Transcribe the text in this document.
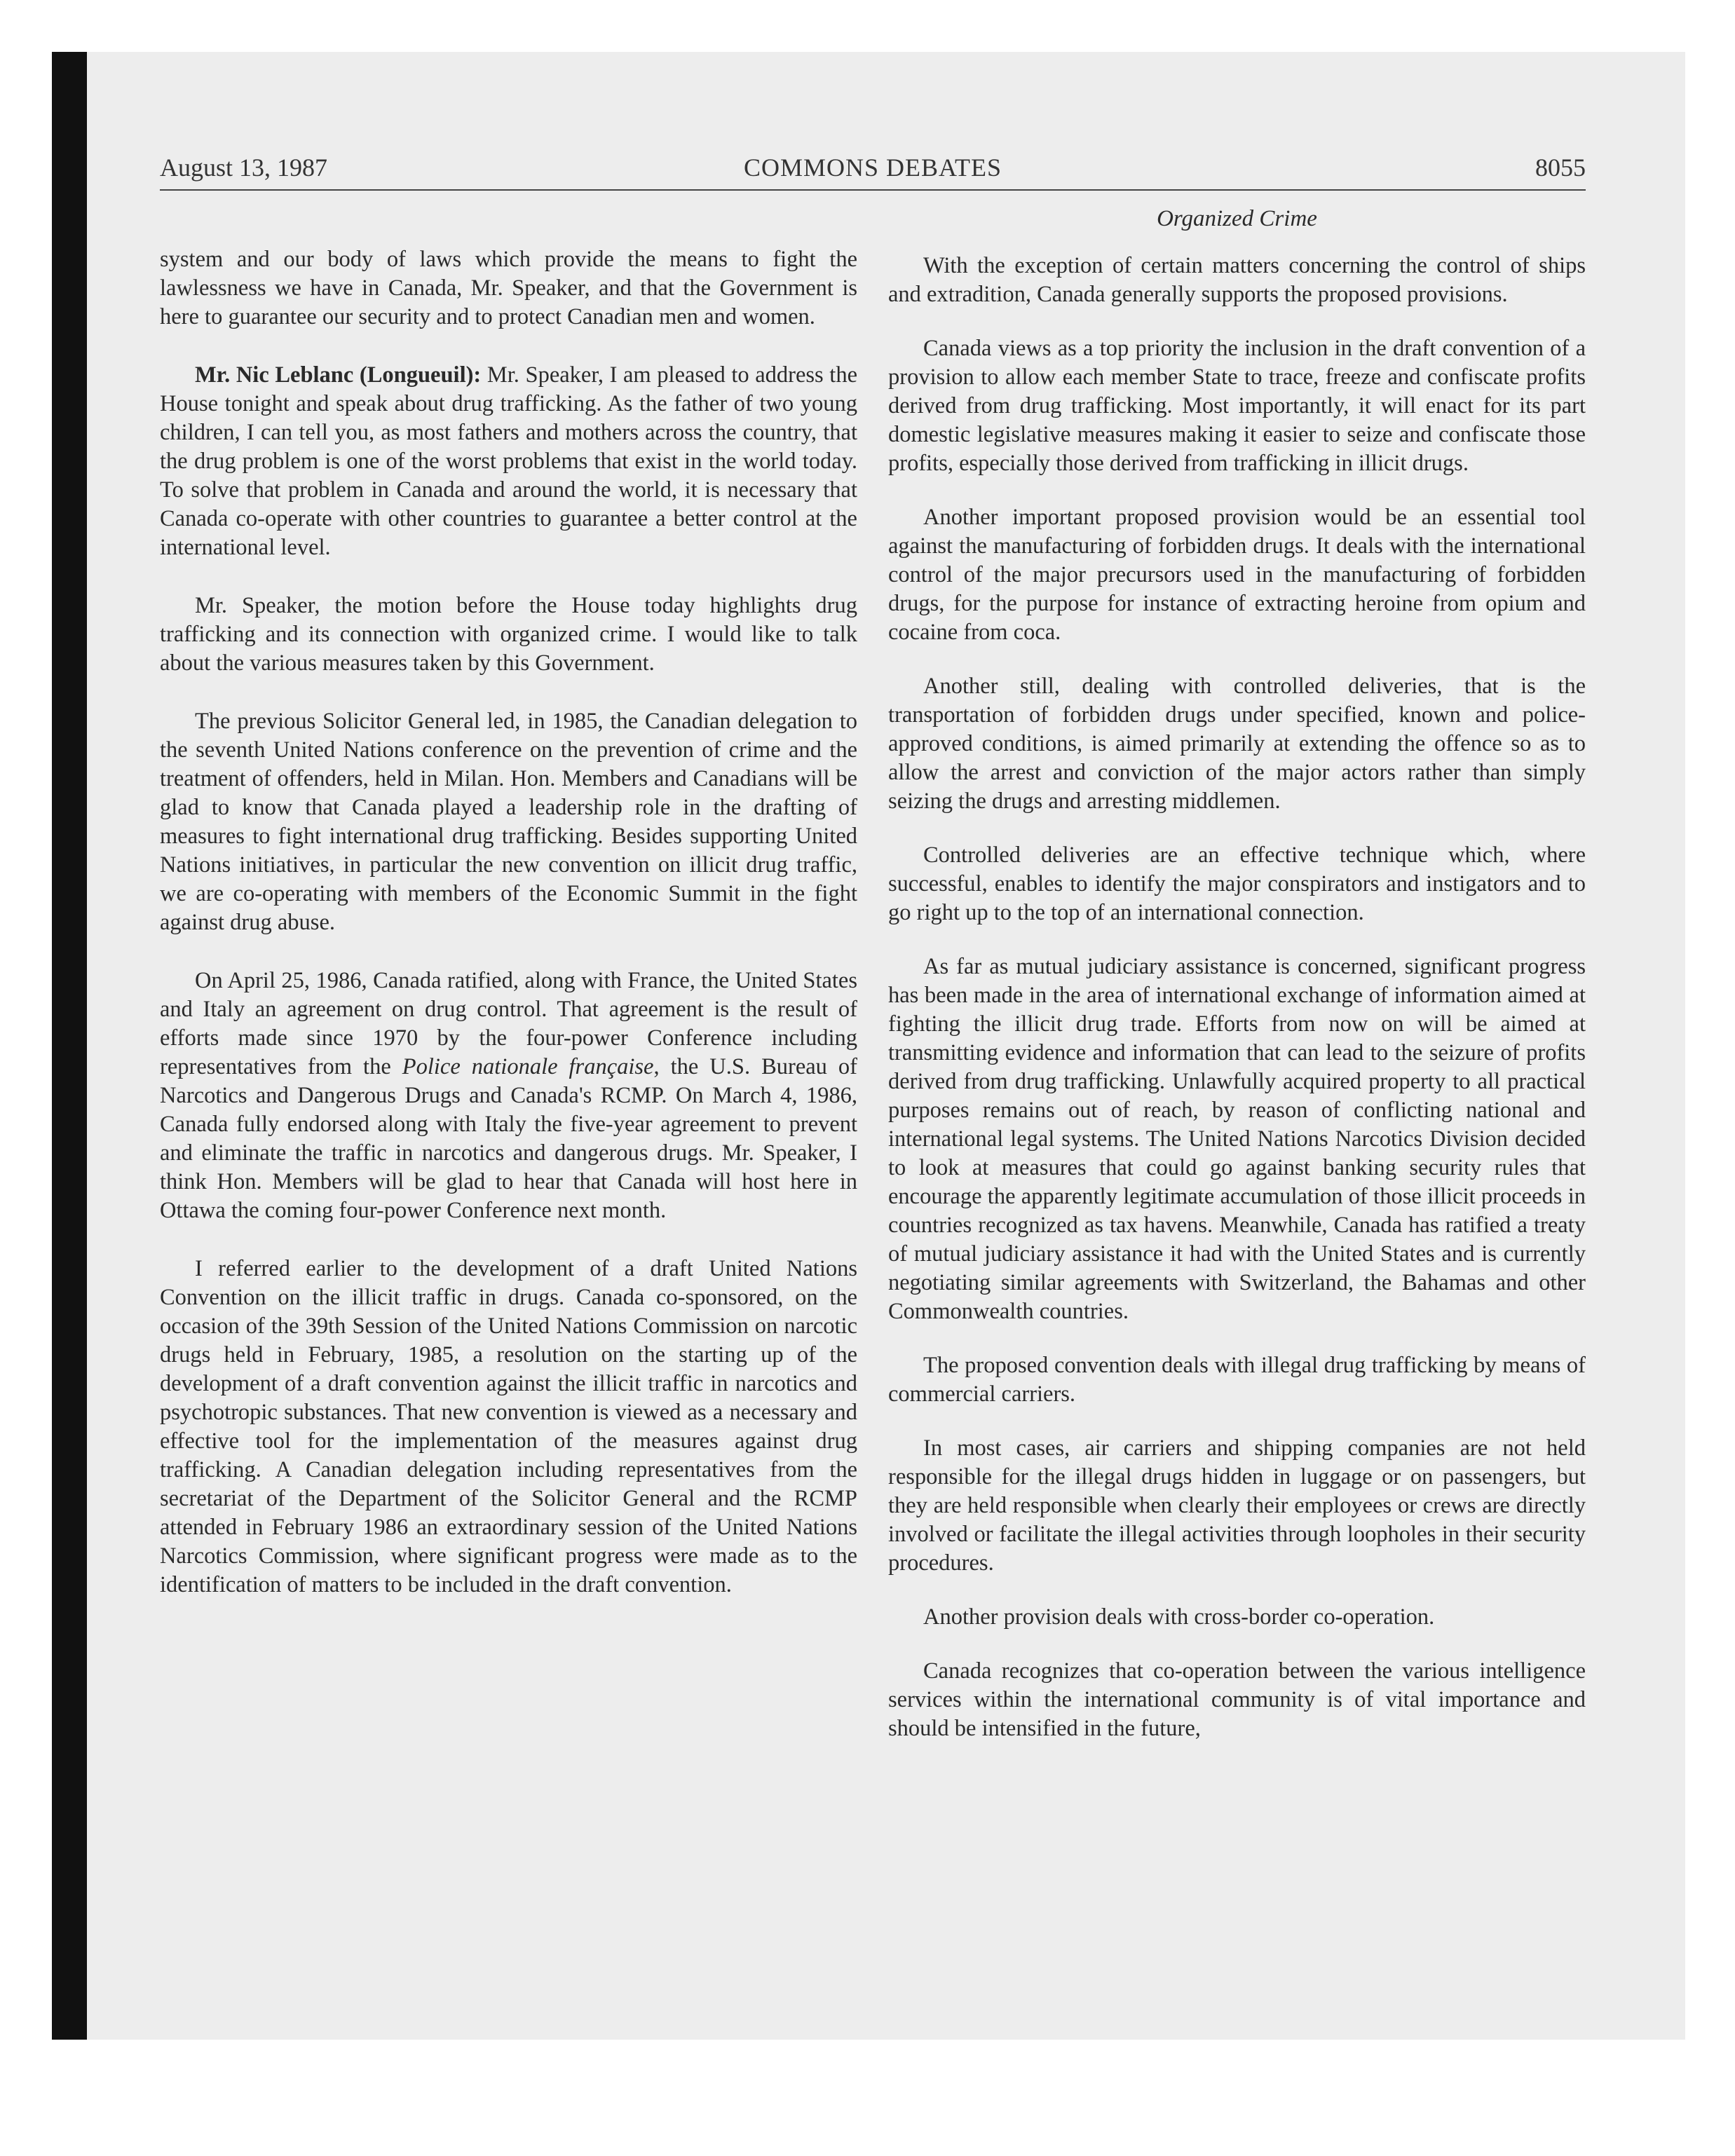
August 13, 1987	COMMONS DEBATES	8055

system and our body of laws which provide the means to fight the lawlessness we have in Canada, Mr. Speaker, and that the Government is here to guarantee our security and to protect Canadian men and women.

Mr. Nic Leblanc (Longueuil): Mr. Speaker, I am pleased to address the House tonight and speak about drug trafficking. As the father of two young children, I can tell you, as most fathers and mothers across the country, that the drug problem is one of the worst problems that exist in the world today. To solve that problem in Canada and around the world, it is necessary that Canada co-operate with other countries to guarantee a better control at the international level.

Mr. Speaker, the motion before the House today highlights drug trafficking and its connection with organized crime. I would like to talk about the various measures taken by this Government.

The previous Solicitor General led, in 1985, the Canadian delegation to the seventh United Nations conference on the prevention of crime and the treatment of offenders, held in Milan. Hon. Members and Canadians will be glad to know that Canada played a leadership role in the drafting of measures to fight international drug trafficking. Besides supporting United Nations initiatives, in particular the new convention on illicit drug traffic, we are co-operating with members of the Economic Summit in the fight against drug abuse.

On April 25, 1986, Canada ratified, along with France, the United States and Italy an agreement on drug control. That agreement is the result of efforts made since 1970 by the four-power Conference including representatives from the Police nationale française, the U.S. Bureau of Narcotics and Dangerous Drugs and Canada's RCMP. On March 4, 1986, Canada fully endorsed along with Italy the five-year agreement to prevent and eliminate the traffic in narcotics and dangerous drugs. Mr. Speaker, I think Hon. Members will be glad to hear that Canada will host here in Ottawa the coming four-power Conference next month.

I referred earlier to the development of a draft United Nations Convention on the illicit traffic in drugs. Canada co-sponsored, on the occasion of the 39th Session of the United Nations Commission on narcotic drugs held in February, 1985, a resolution on the starting up of the development of a draft convention against the illicit traffic in narcotics and psychotropic substances. That new convention is viewed as a necessary and effective tool for the implementation of the measures against drug trafficking. A Canadian delegation including representatives from the secretariat of the Department of the Solicitor General and the RCMP attended in February 1986 an extraordinary session of the United Nations Narcotics Commission, where significant progress were made as to the identification of matters to be included in the draft convention.

Organized Crime

With the exception of certain matters concerning the control of ships and extradition, Canada generally supports the proposed provisions.

Canada views as a top priority the inclusion in the draft convention of a provision to allow each member State to trace, freeze and confiscate profits derived from drug trafficking. Most importantly, it will enact for its part domestic legislative measures making it easier to seize and confiscate those profits, especially those derived from trafficking in illicit drugs.

Another important proposed provision would be an essential tool against the manufacturing of forbidden drugs. It deals with the international control of the major precursors used in the manufacturing of forbidden drugs, for the purpose for instance of extracting heroine from opium and cocaine from coca.

Another still, dealing with controlled deliveries, that is the transportation of forbidden drugs under specified, known and police-approved conditions, is aimed primarily at extending the offence so as to allow the arrest and conviction of the major actors rather than simply seizing the drugs and arresting middlemen.

Controlled deliveries are an effective technique which, where successful, enables to identify the major conspirators and instigators and to go right up to the top of an international connection.

As far as mutual judiciary assistance is concerned, significant progress has been made in the area of international exchange of information aimed at fighting the illicit drug trade. Efforts from now on will be aimed at transmitting evidence and information that can lead to the seizure of profits derived from drug trafficking. Unlawfully acquired property to all practical purposes remains out of reach, by reason of conflicting national and international legal systems. The United Nations Narcotics Division decided to look at measures that could go against banking security rules that encourage the apparently legitimate accumulation of those illicit proceeds in countries recognized as tax havens. Meanwhile, Canada has ratified a treaty of mutual judiciary assistance it had with the United States and is currently negotiating similar agreements with Switzerland, the Bahamas and other Commonwealth countries.

The proposed convention deals with illegal drug trafficking by means of commercial carriers.

In most cases, air carriers and shipping companies are not held responsible for the illegal drugs hidden in luggage or on passengers, but they are held responsible when clearly their employees or crews are directly involved or facilitate the illegal activities through loopholes in their security procedures.

Another provision deals with cross-border co-operation.

Canada recognizes that co-operation between the various intelligence services within the international community is of vital importance and should be intensified in the future,
